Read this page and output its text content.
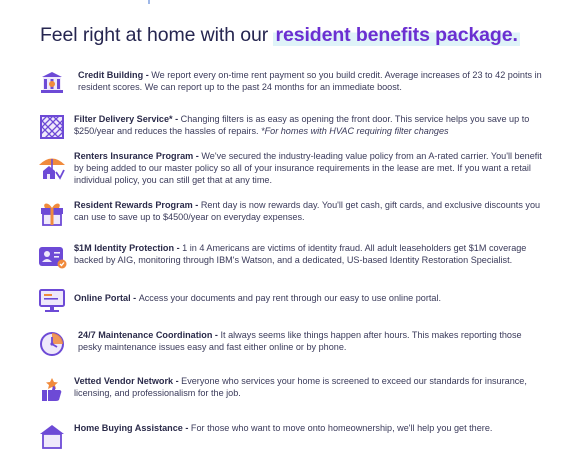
Feel right at home with our resident benefits package.
Credit Building - We report every on-time rent payment so you build credit. Average increases of 23 to 42 points in resident scores. We can report up to the past 24 months for an immediate boost.
Filter Delivery Service* - Changing filters is as easy as opening the front door. This service helps you save up to $250/year and reduces the hassles of repairs. *For homes with HVAC requiring filter changes
Renters Insurance Program - We've secured the industry-leading value policy from an A-rated carrier. You'll benefit by being added to our master policy so all of your insurance requirements in the lease are met. If you want a retail individual policy, you can still get that at any time.
Resident Rewards Program - Rent day is now rewards day. You'll get cash, gift cards, and exclusive discounts you can use to save up to $4500/year on everyday expenses.
$1M Identity Protection - 1 in 4 Americans are victims of identity fraud. All adult leaseholders get $1M coverage backed by AIG, monitoring through IBM's Watson, and a dedicated, US-based Identity Restoration Specialist.
Online Portal - Access your documents and pay rent through our easy to use online portal.
24/7 Maintenance Coordination - It always seems like things happen after hours. This makes reporting those pesky maintenance issues easy and fast either online or by phone.
Vetted Vendor Network - Everyone who services your home is screened to exceed our standards for insurance, licensing, and professionalism for the job.
Home Buying Assistance - For those who want to move onto homeownership, we'll help you get there.
